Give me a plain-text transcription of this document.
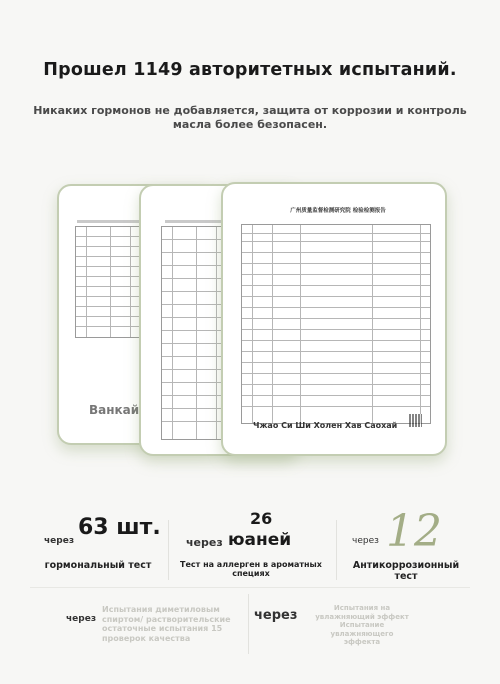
Прошел 1149 авторитетных испытаний.
Никаких гормонов не добавляется, защита от коррозии и контроль масла более безопасен.
Ванкай
广州质量监督检测研究院 检验检测报告
Чжао Си Ши Холен Хав Саохай
через
63 шт.
гормональный тест
26
через юаней
Тест на аллерген в ароматных специях
через 12
Антикоррозионный тест
через
Испытания диметиловым спиртом/ растворительские остаточные испытания 15 проверок качества
через	Испытания на увлажняющий эффект Испытание увлажняющего эффекта
